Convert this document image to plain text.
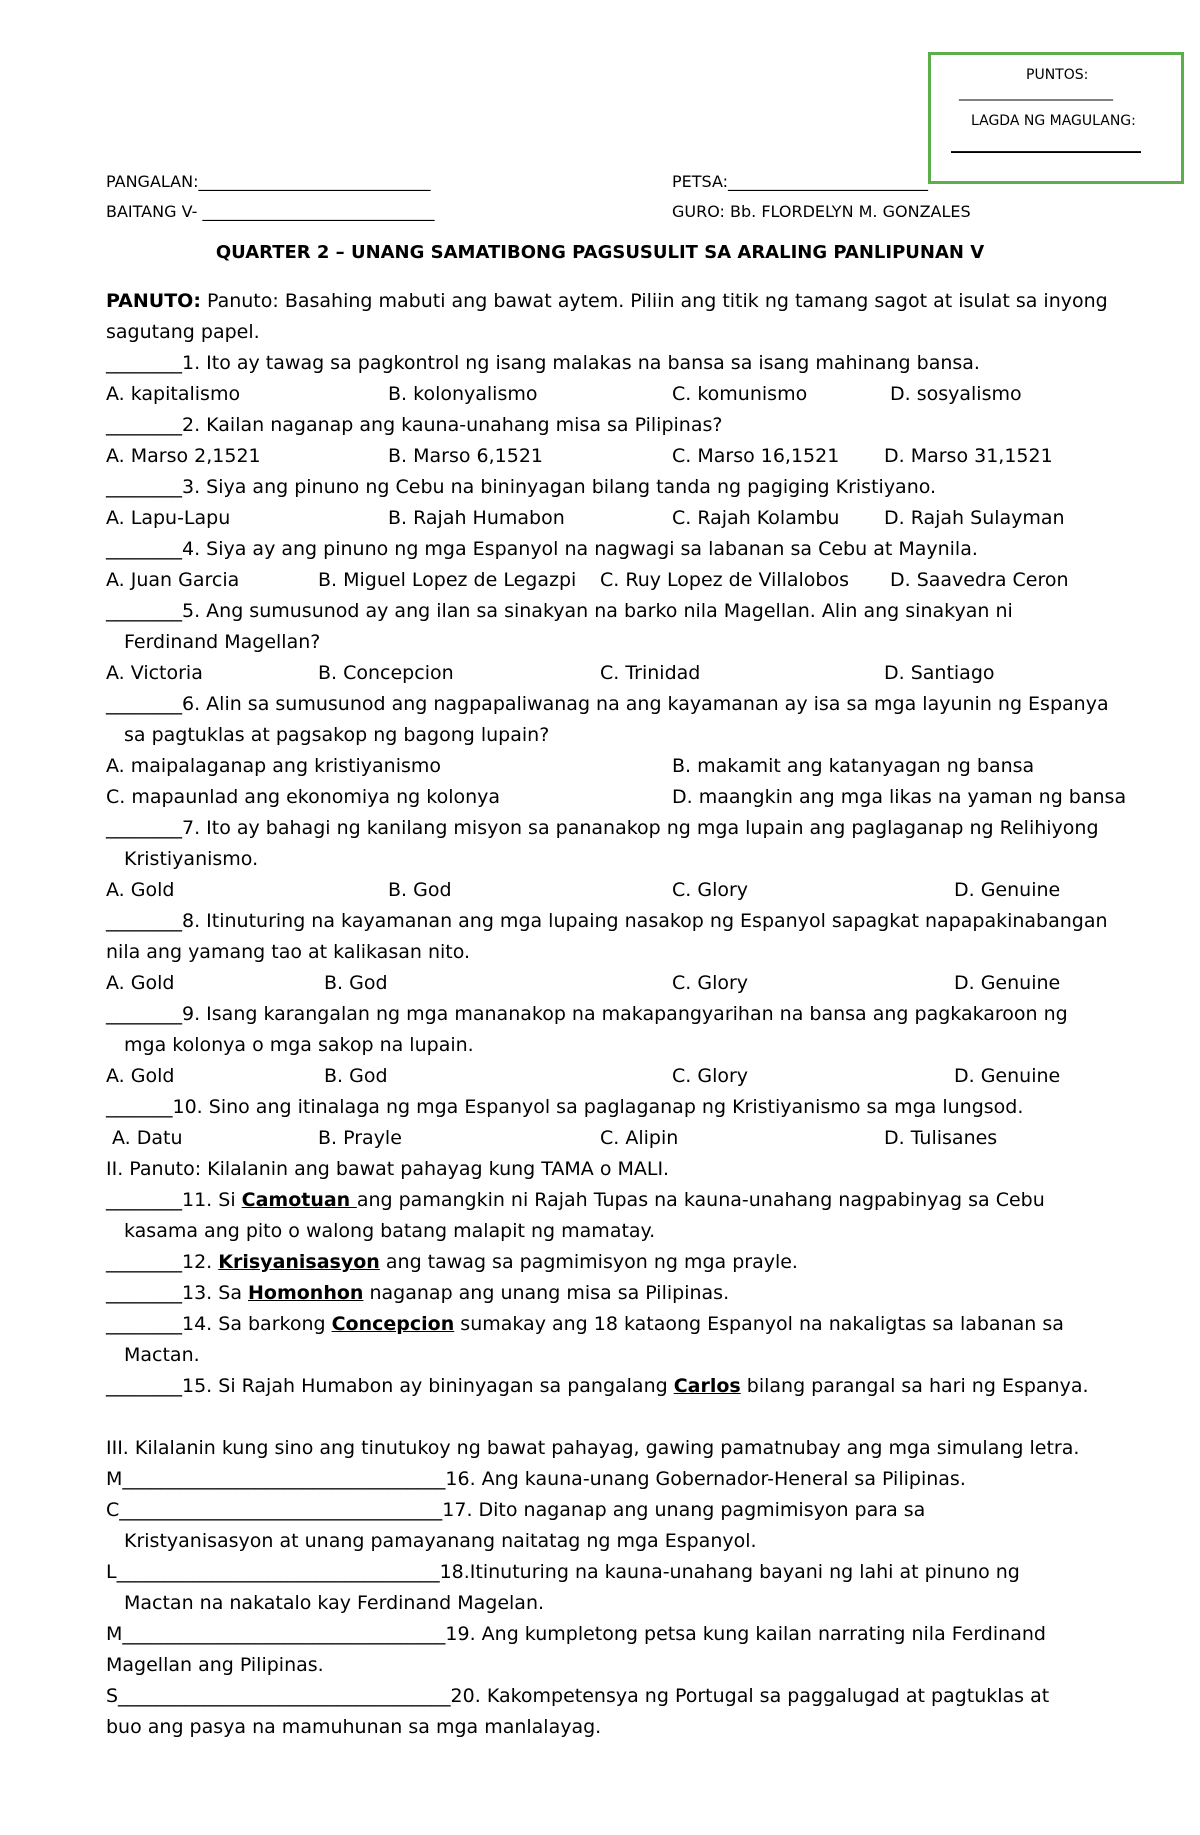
PUNTOS:
______________________
LAGDA NG MAGULANG:
___________________
PANGALAN:_____________________________	PETSA:_________________________
BAITANG V- _____________________________	GURO: Bb. FLORDELYN M. GONZALES
QUARTER 2 – UNANG SAMATIBONG PAGSUSULIT SA ARALING PANLIPUNAN V
PANUTO: Panuto: Basahing mabuti ang bawat aytem. Piliin ang titik ng tamang sagot at isulat sa inyong
sagutang papel.
________1. Ito ay tawag sa pagkontrol ng isang malakas na bansa sa isang mahinang bansa.
A. kapitalismo	B. kolonyalismo	C. komunismo	D. sosyalismo
________2. Kailan naganap ang kauna-unahang misa sa Pilipinas?
A. Marso 2,1521	B. Marso 6,1521	C. Marso 16,1521 D. Marso 31,1521
________3. Siya ang pinuno ng Cebu na bininyagan bilang tanda ng pagiging Kristiyano.
A. Lapu-Lapu	B. Rajah Humabon	C. Rajah Kolambu D. Rajah Sulayman
________4. Siya ay ang pinuno ng mga Espanyol na nagwagi sa labanan sa Cebu at Maynila.
A. Juan Garcia	B. Miguel Lopez de Legazpi C. Ruy Lopez de Villalobos D. Saavedra Ceron
________5. Ang sumusunod ay ang ilan sa sinakyan na barko nila Magellan. Alin ang sinakyan ni
Ferdinand Magellan?
A. Victoria	B. Concepcion	C. Trinidad	D. Santiago
________6. Alin sa sumusunod ang nagpapaliwanag na ang kayamanan ay isa sa mga layunin ng Espanya
sa pagtuklas at pagsakop ng bagong lupain?
A. maipalaganap ang kristiyanismo	B. makamit ang katanyagan ng bansa
C. mapaunlad ang ekonomiya ng kolonya	D. maangkin ang mga likas na yaman ng bansa
________7. Ito ay bahagi ng kanilang misyon sa pananakop ng mga lupain ang paglaganap ng Relihiyong
Kristiyanismo.
A. Gold	B. God	C. Glory	D. Genuine
________8. Itinuturing na kayamanan ang mga lupaing nasakop ng Espanyol sapagkat napapakinabangan
nila ang yamang tao at kalikasan nito.
A. Gold	B. God	C. Glory	D. Genuine
________9. Isang karangalan ng mga mananakop na makapangyarihan na bansa ang pagkakaroon ng
mga kolonya o mga sakop na lupain.
A. Gold	B. God	C. Glory	D. Genuine
_______10. Sino ang itinalaga ng mga Espanyol sa paglaganap ng Kristiyanismo sa mga lungsod.
A. Datu	B. Prayle	C. Alipin	D. Tulisanes
II. Panuto: Kilalanin ang bawat pahayag kung TAMA o MALI.
________11. Si Camotuan ang pamangkin ni Rajah Tupas na kauna-unahang nagpabinyag sa Cebu
kasama ang pito o walong batang malapit ng mamatay.
________12. Krisyanisasyon ang tawag sa pagmimisyon ng mga prayle.
________13. Sa Homonhon naganap ang unang misa sa Pilipinas.
________14. Sa barkong Concepcion sumakay ang 18 kataong Espanyol na nakaligtas sa labanan sa
Mactan.
________15. Si Rajah Humabon ay bininyagan sa pangalang Carlos bilang parangal sa hari ng Espanya.
III. Kilalanin kung sino ang tinutukoy ng bawat pahayag, gawing pamatnubay ang mga simulang letra.
M__________________________________16. Ang kauna-unang Gobernador-Heneral sa Pilipinas.
C__________________________________17. Dito naganap ang unang pagmimisyon para sa
Kristyanisasyon at unang pamayanang naitatag ng mga Espanyol.
L__________________________________18.Itinuturing na kauna-unahang bayani ng lahi at pinuno ng
Mactan na nakatalo kay Ferdinand Magelan.
M__________________________________19. Ang kumpletong petsa kung kailan narrating nila Ferdinand
Magellan ang Pilipinas.
S___________________________________20. Kakompetensya ng Portugal sa paggalugad at pagtuklas at
buo ang pasya na mamuhunan sa mga manlalayag.
